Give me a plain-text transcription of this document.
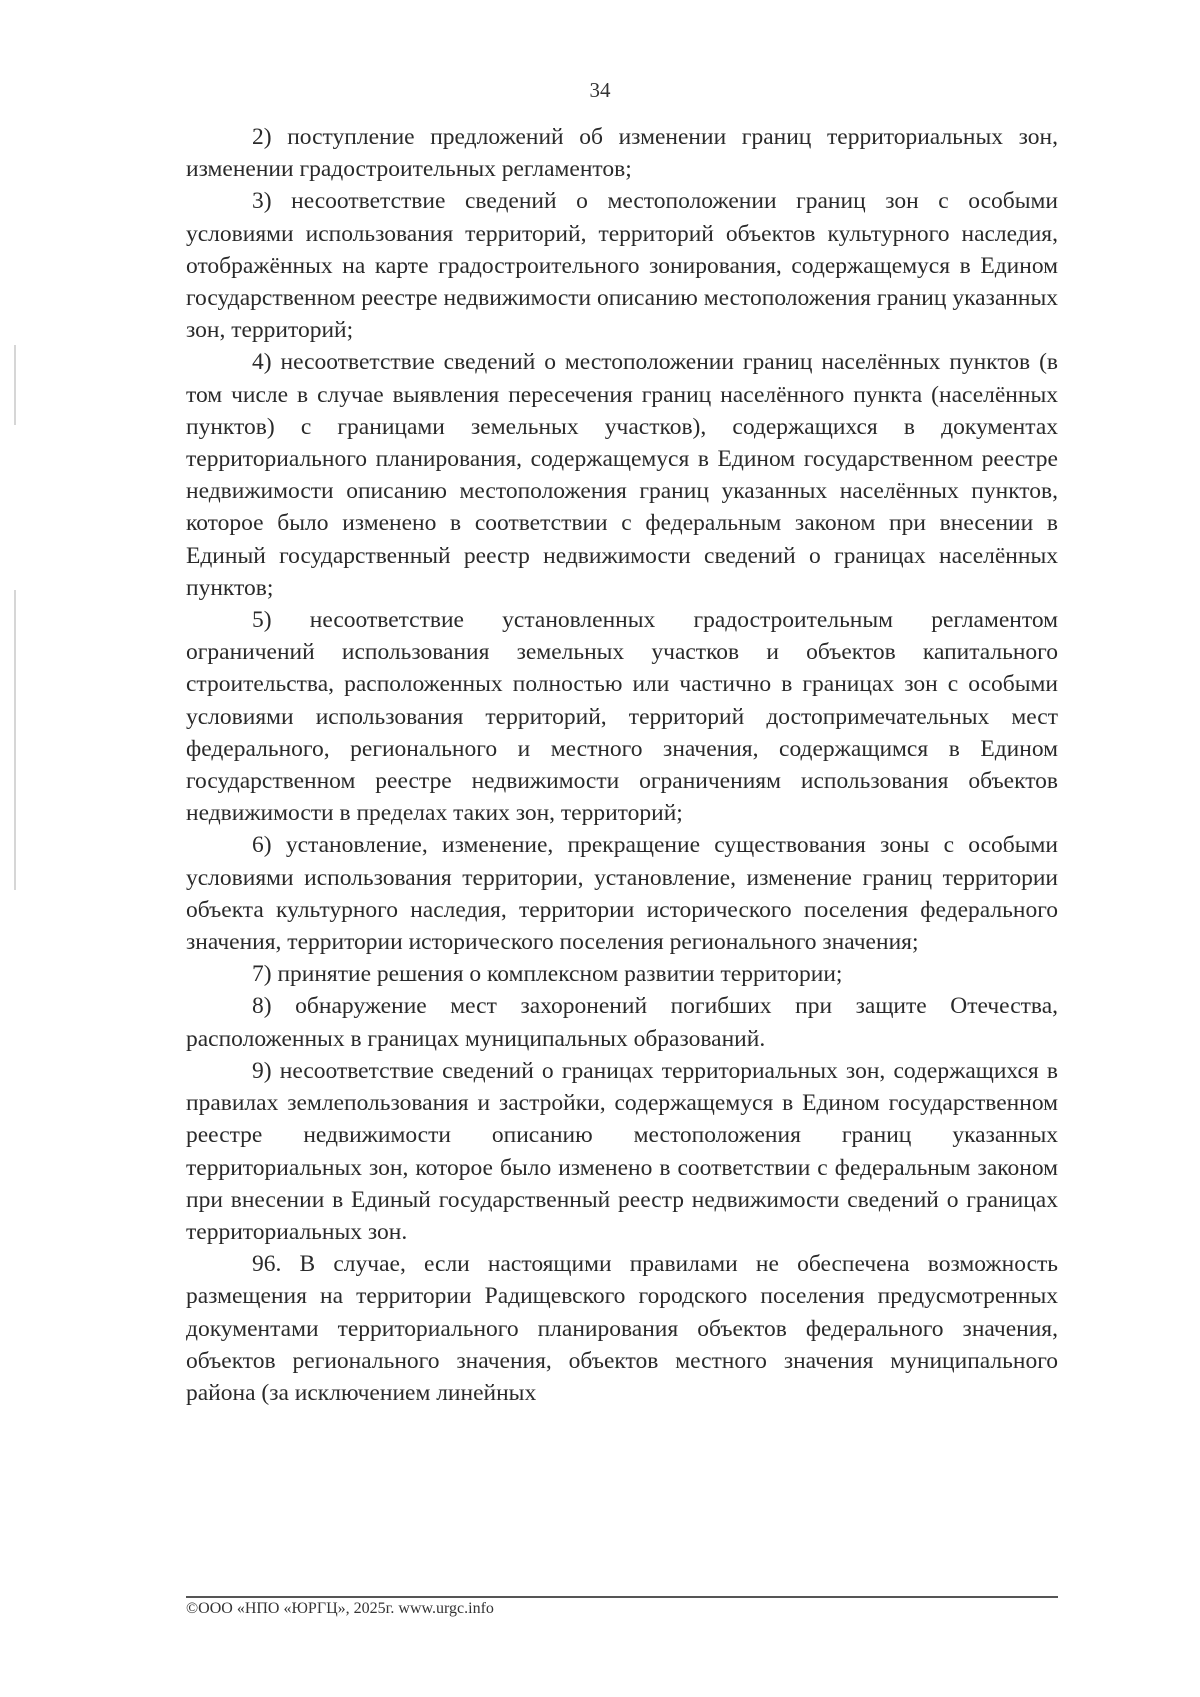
34

2) поступление предложений об изменении границ территориальных зон, изменении градостроительных регламентов;

3) несоответствие сведений о местоположении границ зон с особыми условиями использования территорий, территорий объектов культурного наследия, отображённых на карте градостроительного зонирования, содержащемуся в Едином государственном реестре недвижимости описанию местоположения границ указанных зон, территорий;

4) несоответствие сведений о местоположении границ населённых пунктов (в том числе в случае выявления пересечения границ населённого пункта (населённых пунктов) с границами земельных участков), содержащихся в документах территориального планирования, содержащемуся в Едином государственном реестре недвижимости описанию местоположения границ указанных населённых пунктов, которое было изменено в соответствии с федеральным законом при внесении в Единый государственный реестр недвижимости сведений о границах населённых пунктов;

5) несоответствие установленных градостроительным регламентом ограничений использования земельных участков и объектов капитального строительства, расположенных полностью или частично в границах зон с особыми условиями использования территорий, территорий достопримечательных мест федерального, регионального и местного значения, содержащимся в Едином государственном реестре недвижимости ограничениям использования объектов недвижимости в пределах таких зон, территорий;

6) установление, изменение, прекращение существования зоны с особыми условиями использования территории, установление, изменение границ территории объекта культурного наследия, территории исторического поселения федерального значения, территории исторического поселения регионального значения;

7) принятие решения о комплексном развитии территории;

8) обнаружение мест захоронений погибших при защите Отечества, расположенных в границах муниципальных образований.

9) несоответствие сведений о границах территориальных зон, содержащихся в правилах землепользования и застройки, содержащемуся в Едином государственном реестре недвижимости описанию местоположения границ указанных территориальных зон, которое было изменено в соответствии с федеральным законом при внесении в Единый государственный реестр недвижимости сведений о границах территориальных зон.

96. В случае, если настоящими правилами не обеспечена возможность размещения на территории Радищевского городского поселения предусмотренных документами территориального планирования объектов федерального значения, объектов регионального значения, объектов местного значения муниципального района (за исключением линейных

©ООО «НПО «ЮРГЦ», 2025г. www.urgc.info
